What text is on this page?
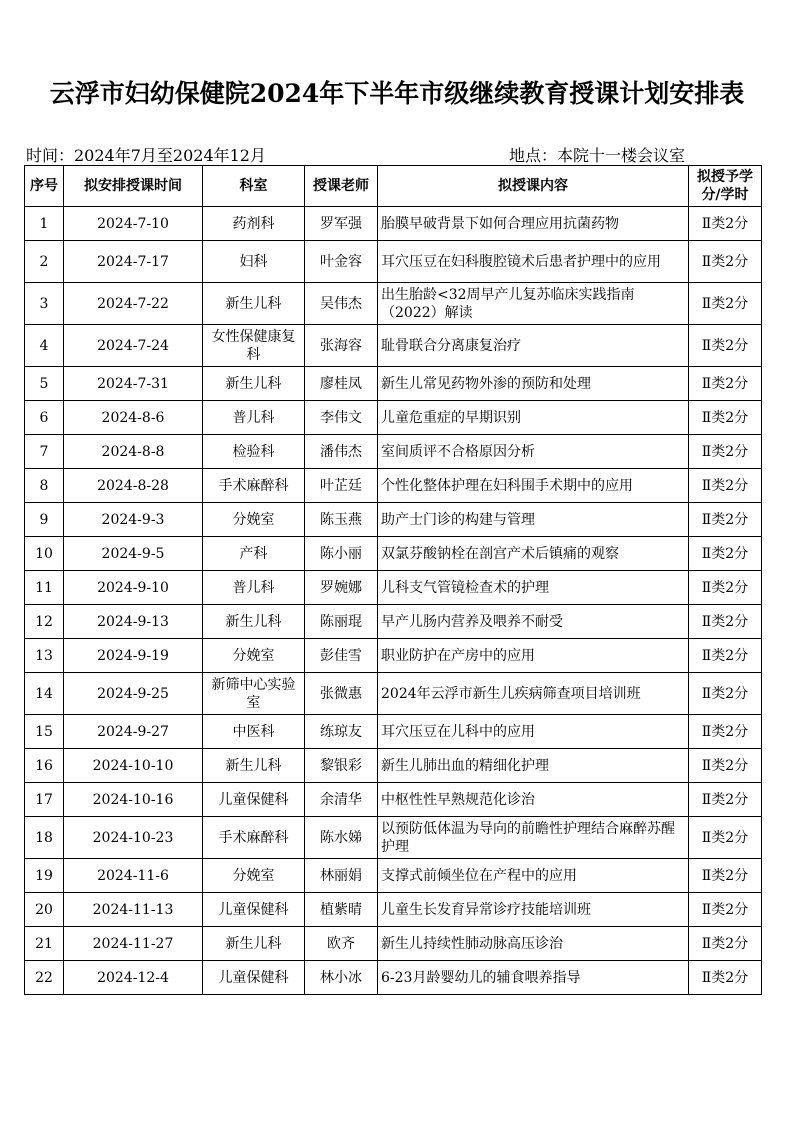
云浮市妇幼保健院2024年下半年市级继续教育授课计划安排表
时间：2024年7月至2024年12月	地点：本院十一楼会议室
序号	拟安排授课时间	科室	授课老师	拟授课内容	拟授予学分/学时
1	2024-7-10	药剂科	罗军强	胎膜早破背景下如何合理应用抗菌药物	Ⅱ类2分
2	2024-7-17	妇科	叶金容	耳穴压豆在妇科腹腔镜术后患者护理中的应用	Ⅱ类2分
3	2024-7-22	新生儿科	吴伟杰	出生胎龄<32周早产儿复苏临床实践指南（2022）解读	Ⅱ类2分
4	2024-7-24	女性保健康复科	张海容	耻骨联合分离康复治疗	Ⅱ类2分
5	2024-7-31	新生儿科	廖桂凤	新生儿常见药物外渗的预防和处理	Ⅱ类2分
6	2024-8-6	普儿科	李伟文	儿童危重症的早期识别	Ⅱ类2分
7	2024-8-8	检验科	潘伟杰	室间质评不合格原因分析	Ⅱ类2分
8	2024-8-28	手术麻醉科	叶芷廷	个性化整体护理在妇科围手术期中的应用	Ⅱ类2分
9	2024-9-3	分娩室	陈玉燕	助产士门诊的构建与管理	Ⅱ类2分
10	2024-9-5	产科	陈小丽	双氯芬酸钠栓在剖宫产术后镇痛的观察	Ⅱ类2分
11	2024-9-10	普儿科	罗婉娜	儿科支气管镜检查术的护理	Ⅱ类2分
12	2024-9-13	新生儿科	陈丽琨	早产儿肠内营养及喂养不耐受	Ⅱ类2分
13	2024-9-19	分娩室	彭佳雪	职业防护在产房中的应用	Ⅱ类2分
14	2024-9-25	新筛中心实验室	张微惠	2024年云浮市新生儿疾病筛查项目培训班	Ⅱ类2分
15	2024-9-27	中医科	练琼友	耳穴压豆在儿科中的应用	Ⅱ类2分
16	2024-10-10	新生儿科	黎银彩	新生儿肺出血的精细化护理	Ⅱ类2分
17	2024-10-16	儿童保健科	余清华	中枢性性早熟规范化诊治	Ⅱ类2分
18	2024-10-23	手术麻醉科	陈水娣	以预防低体温为导向的前瞻性护理结合麻醉苏醒护理	Ⅱ类2分
19	2024-11-6	分娩室	林丽娟	支撑式前倾坐位在产程中的应用	Ⅱ类2分
20	2024-11-13	儿童保健科	植紫晴	儿童生长发育异常诊疗技能培训班	Ⅱ类2分
21	2024-11-27	新生儿科	欧齐	新生儿持续性肺动脉高压诊治	Ⅱ类2分
22	2024-12-4	儿童保健科	林小冰	6-23月龄婴幼儿的辅食喂养指导	Ⅱ类2分
